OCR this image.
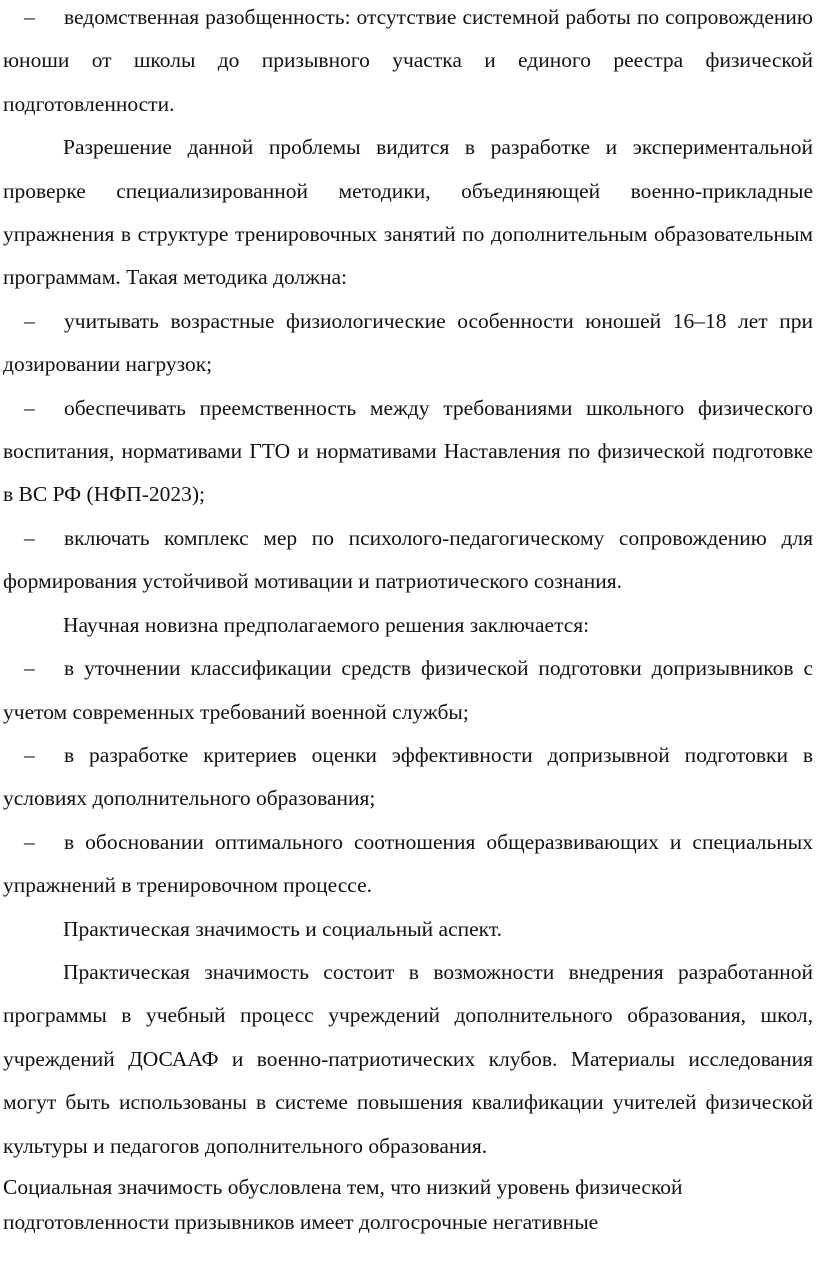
– ведомственная разобщенность: отсутствие системной работы по сопровождению юноши от школы до призывного участка и единого реестра физической подготовленности.

Разрешение данной проблемы видится в разработке и экспериментальной проверке специализированной методики, объединяющей военно-прикладные упражнения в структуре тренировочных занятий по дополнительным образовательным программам. Такая методика должна:

– учитывать возрастные физиологические особенности юношей 16–18 лет при дозировании нагрузок;

– обеспечивать преемственность между требованиями школьного физического воспитания, нормативами ГТО и нормативами Наставления по физической подготовке в ВС РФ (НФП-2023);

– включать комплекс мер по психолого-педагогическому сопровождению для формирования устойчивой мотивации и патриотического сознания.

Научная новизна предполагаемого решения заключается:

– в уточнении классификации средств физической подготовки допризывников с учетом современных требований военной службы;

– в разработке критериев оценки эффективности допризывной подготовки в условиях дополнительного образования;

– в обосновании оптимального соотношения общеразвивающих и специальных упражнений в тренировочном процессе.

Практическая значимость и социальный аспект.

Практическая значимость состоит в возможности внедрения разработанной программы в учебный процесс учреждений дополнительного образования, школ, учреждений ДОСААФ и военно-патриотических клубов. Материалы исследования могут быть использованы в системе повышения квалификации учителей физической культуры и педагогов дополнительного образования.

Социальная значимость обусловлена тем, что низкий уровень физической подготовленности призывников имеет долгосрочные негативные
